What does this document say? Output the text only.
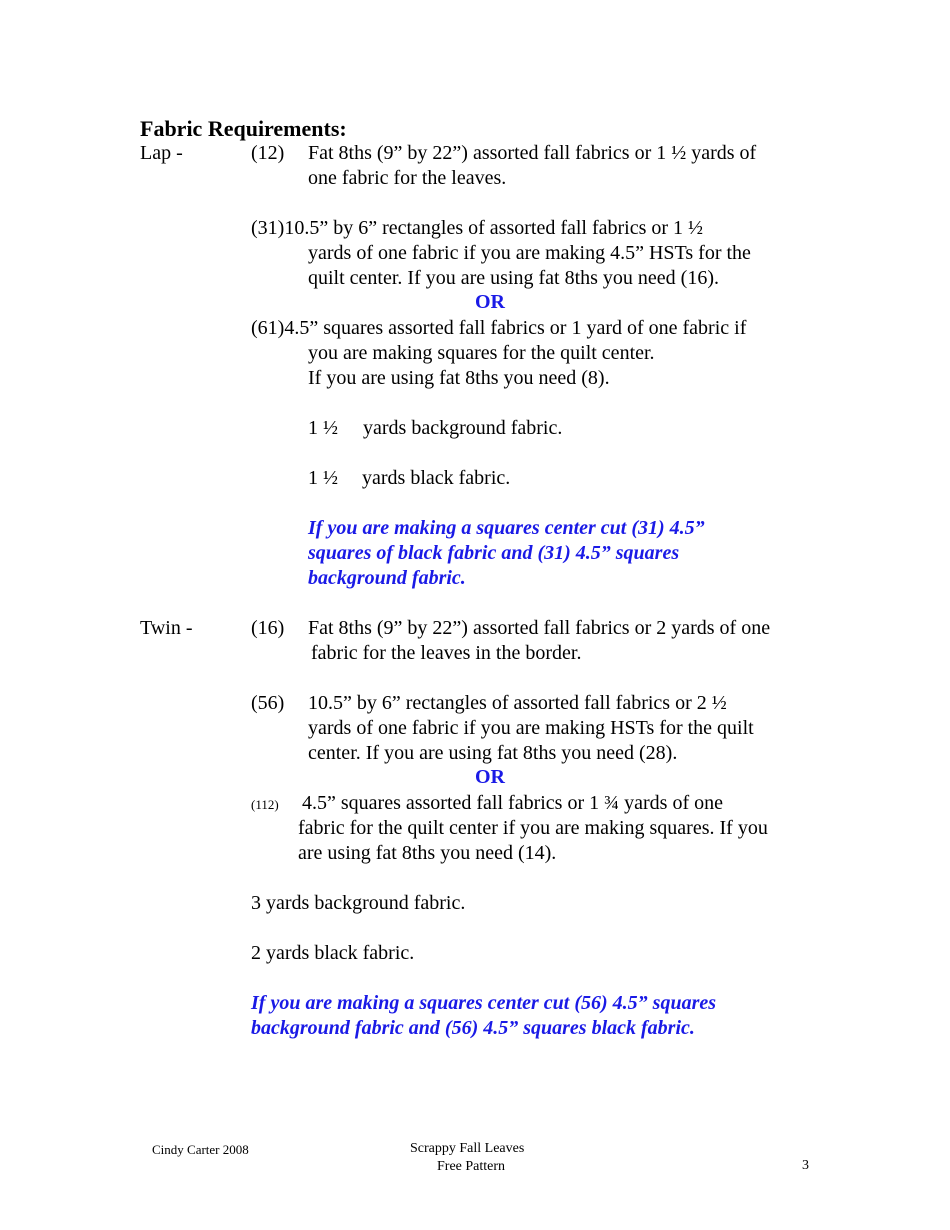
Fabric Requirements:
Lap -	(12) Fat 8ths (9” by 22”) assorted fall fabrics or 1 ½ yards of
one fabric for the leaves.
(31)10.5” by 6” rectangles of assorted fall fabrics or 1 ½
yards of one fabric if you are making 4.5” HSTs for the
quilt center. If you are using fat 8ths you need (16).
OR
(61)4.5” squares assorted fall fabrics or 1 yard of one fabric if
you are making squares for the quilt center.
If you are using fat 8ths you need (8).
1 ½ yards background fabric.
1 ½ yards black fabric.
If you are making a squares center cut (31) 4.5”
squares of black fabric and (31) 4.5” squares
background fabric.
Twin -	(16) Fat 8ths (9” by 22”) assorted fall fabrics or 2 yards of one
fabric for the leaves in the border.
(56) 10.5” by 6” rectangles of assorted fall fabrics or 2 ½
yards of one fabric if you are making HSTs for the quilt
center. If you are using fat 8ths you need (28).
OR
(112) 4.5” squares assorted fall fabrics or 1 ¾ yards of one
fabric for the quilt center if you are making squares. If you
are using fat 8ths you need (14).
3 yards background fabric.
2 yards black fabric.
If you are making a squares center cut (56) 4.5” squares
background fabric and (56) 4.5” squares black fabric.
Cindy Carter 2008	Scrappy Fall Leaves
Free Pattern	3
